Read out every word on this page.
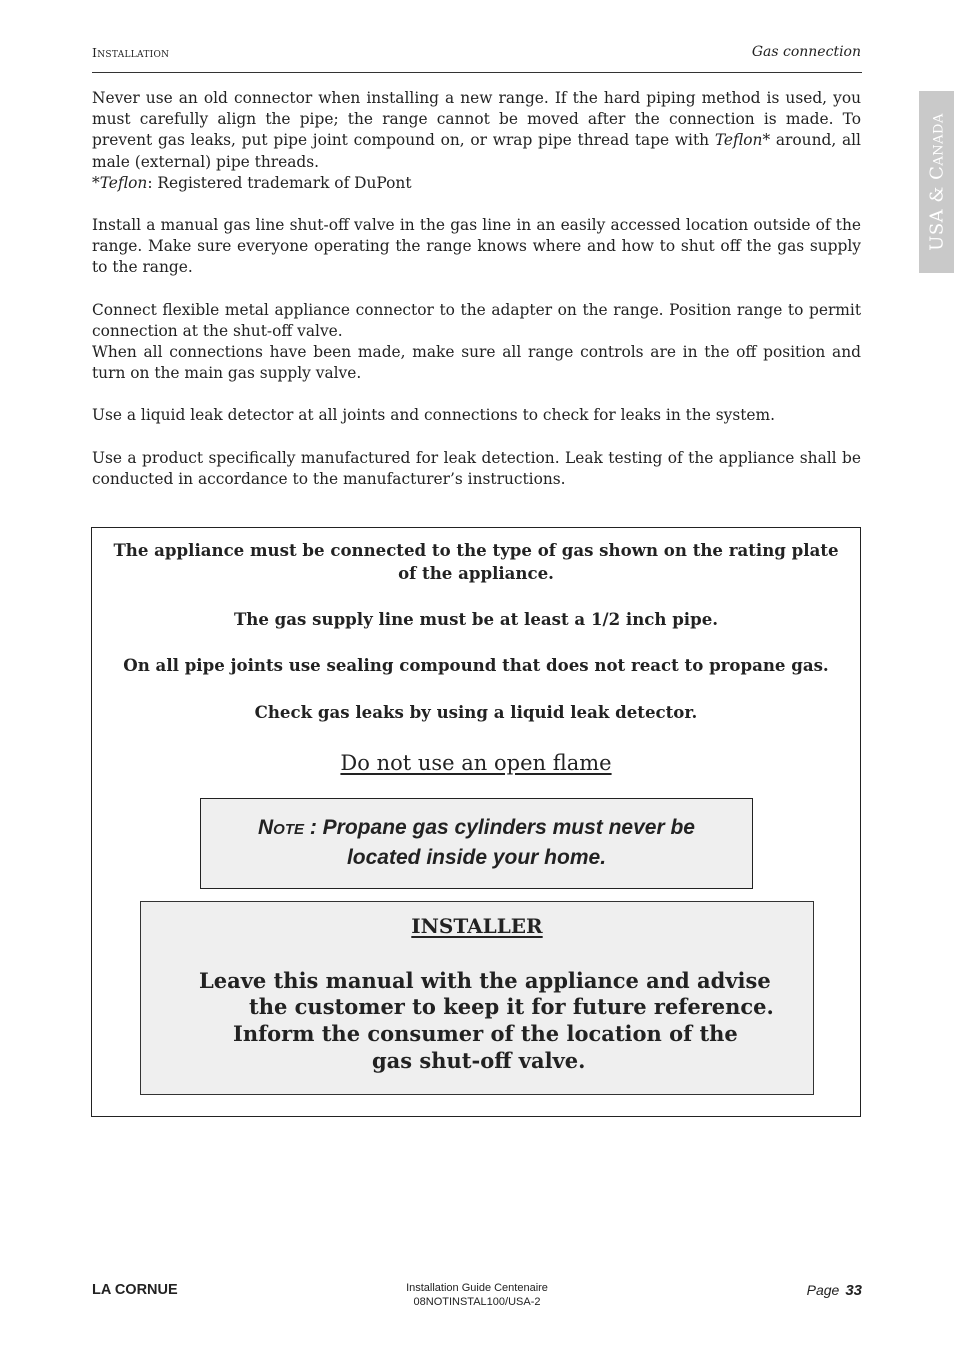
Installation	Gas connection
USA & Canada

Never use an old connector when installing a new range. If the hard piping method is used, you must carefully align the pipe; the range cannot be moved after the connection is made. To prevent gas leaks, put pipe joint compound on, or wrap pipe thread tape with Teflon* around, all male (external) pipe threads.

*Teflon: Registered trademark of DuPont

Install a manual gas line shut-off valve in the gas line in an easily accessed location outside of the range. Make sure everyone operating the range knows where and how to shut off the gas supply to the range.

Connect flexible metal appliance connector to the adapter on the range. Position range to permit connection at the shut-off valve.

When all connections have been made, make sure all range controls are in the off position and turn on the main gas supply valve.

Use a liquid leak detector at all joints and connections to check for leaks in the system.

Use a product specifically manufactured for leak detection. Leak testing of the appliance shall be conducted in accordance to the manufacturer’s instructions.

The appliance must be connected to the type of gas shown on the rating plate
of the appliance.
The gas supply line must be at least a 1/2 inch pipe.
On all pipe joints use sealing compound that does not react to propane gas.
Check gas leaks by using a liquid leak detector.
Do not use an open flame
Note : Propane gas cylinders must never be
located inside your home.
INSTALLER
Leave this manual with the appliance and advise
the customer to keep it for future reference.
Inform the consumer of the location of the
gas shut-off valve.
LA CORNUE	Installation Guide Centenaire
08NOTINSTAL100/USA-2
Page 33
